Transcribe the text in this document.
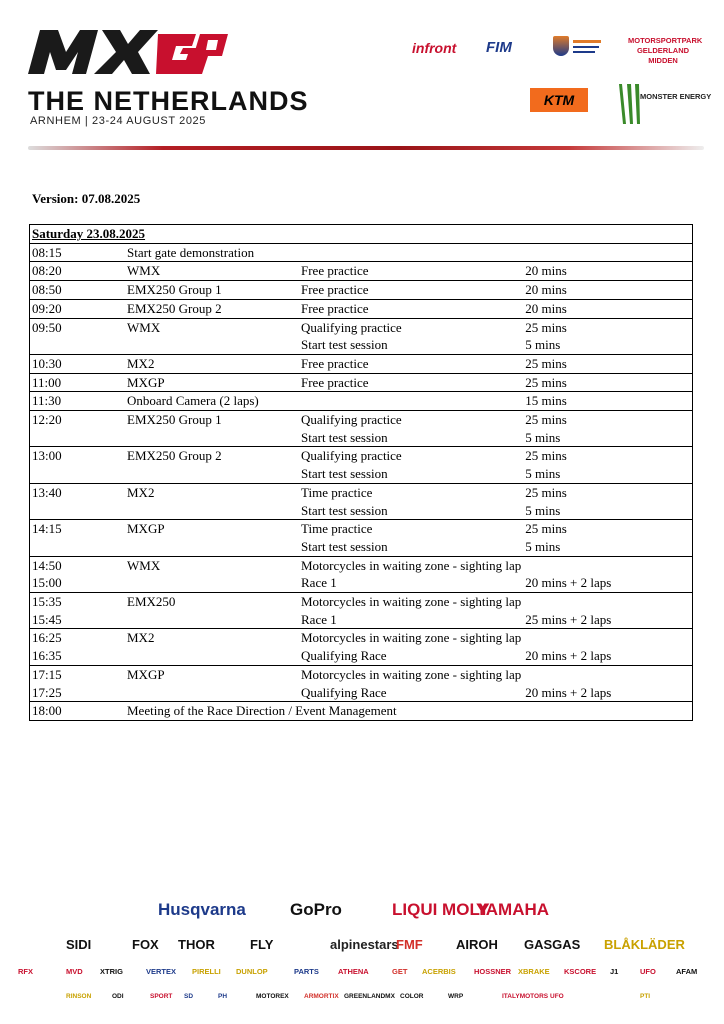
THE NETHERLANDS
ARNHEM | 23-24 AUGUST 2025
infront FIM	MOTORSPORTPARK GELDERLAND MIDDEN
KTM	MONSTER ENERGY
Version: 07.08.2025
Saturday 23.08.2025			
08:15	Start gate demonstration		
08:20	WMX	Free practice	20 mins
08:50	EMX250 Group 1	Free practice	20 mins
09:20	EMX250 Group 2	Free practice	20 mins
09:50	WMX	Qualifying practice	25 mins
		Start test session	5 mins
10:30	MX2	Free practice	25 mins
11:00	MXGP	Free practice	25 mins
11:30	Onboard Camera (2 laps)		15 mins
12:20	EMX250 Group 1	Qualifying practice	25 mins
		Start test session	5 mins
13:00	EMX250 Group 2	Qualifying practice	25 mins
		Start test session	5 mins
13:40	MX2	Time practice	25 mins
		Start test session	5 mins
14:15	MXGP	Time practice	25 mins
		Start test session	5 mins
14:50	WMX	Motorcycles in waiting zone - sighting lap	
15:00		Race 1	20 mins + 2 laps
15:35	EMX250	Motorcycles in waiting zone - sighting lap	
15:45		Race 1	25 mins + 2 laps
16:25	MX2	Motorcycles in waiting zone - sighting lap	
16:35		Qualifying Race	20 mins + 2 laps
17:15	MXGP	Motorcycles in waiting zone - sighting lap	
17:25		Qualifying Race	20 mins + 2 laps
18:00	Meeting of the Race Direction / Event Management		
Husqvarna	GoPro	LIQUI MOLY
YAMAHA
SIDI	FOX THOR	FLY	alpinestars
FMF	AIROH GASGAS BLÅKLÄDER
RFX	MVD XTRIG	VERTEX PIRELLI DUNLOP	PARTS	ATHENA	GET ACERBIS HOSSNER XBRAKE KSCORE J1	UFO	AFAM
RINSON	ODI	SPORT SD	PH	MOTOREX ARMORTIX GREENLANDMX COLOR	WRP	ITALYMOTORS UFO	PTI
